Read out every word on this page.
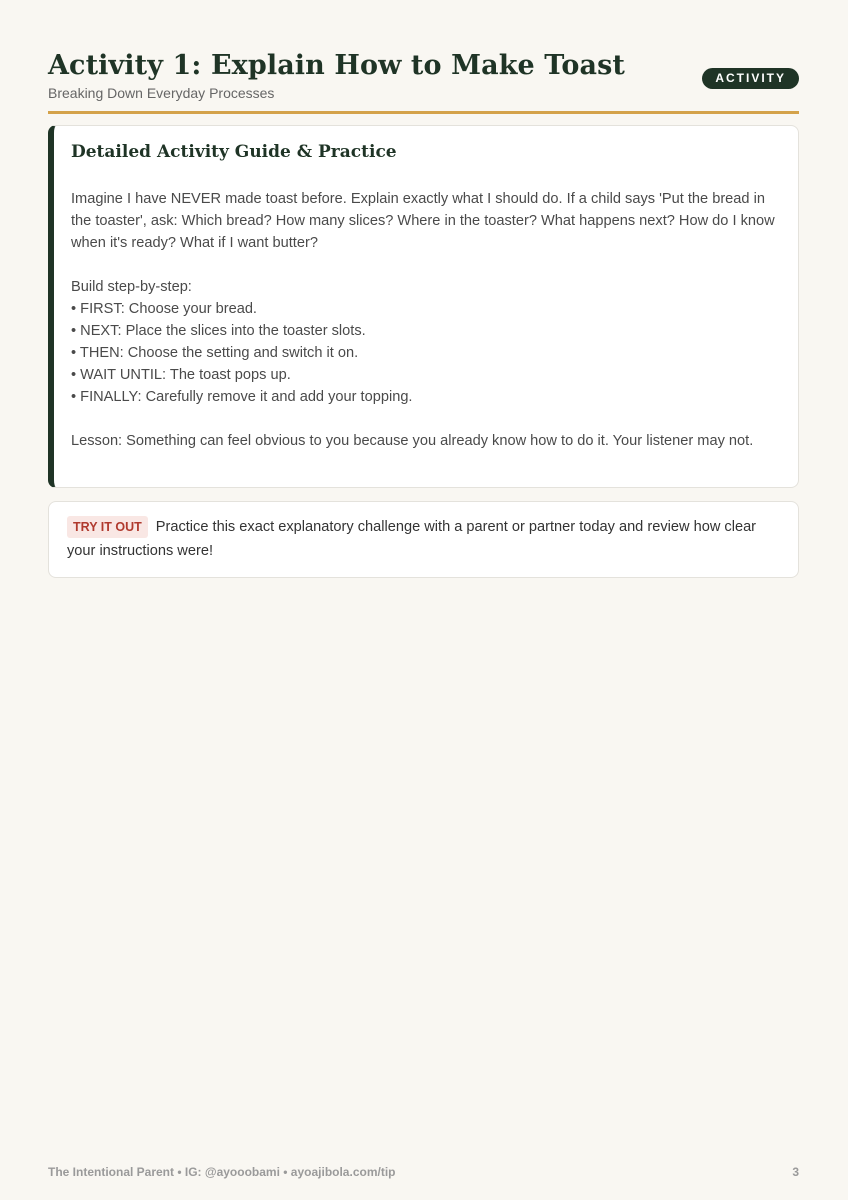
Activity 1: Explain How to Make Toast
Breaking Down Everyday Processes
ACTIVITY
Detailed Activity Guide & Practice

Imagine I have NEVER made toast before. Explain exactly what I should do. If a child says 'Put the bread in the toaster', ask: Which bread? How many slices? Where in the toaster? What happens next? How do I know when it's ready? What if I want butter?

Build step-by-step:

• FIRST: Choose your bread.
• NEXT: Place the slices into the toaster slots.
• THEN: Choose the setting and switch it on.
• WAIT UNTIL: The toast pops up.
• FINALLY: Carefully remove it and add your topping.

Lesson: Something can feel obvious to you because you already know how to do it. Your listener may not.

TRY IT OUT Practice this exact explanatory challenge with a parent or partner today and review how clear your instructions were!
The Intentional Parent • IG: @ayooobami • ayoajibola.com/tip	3
